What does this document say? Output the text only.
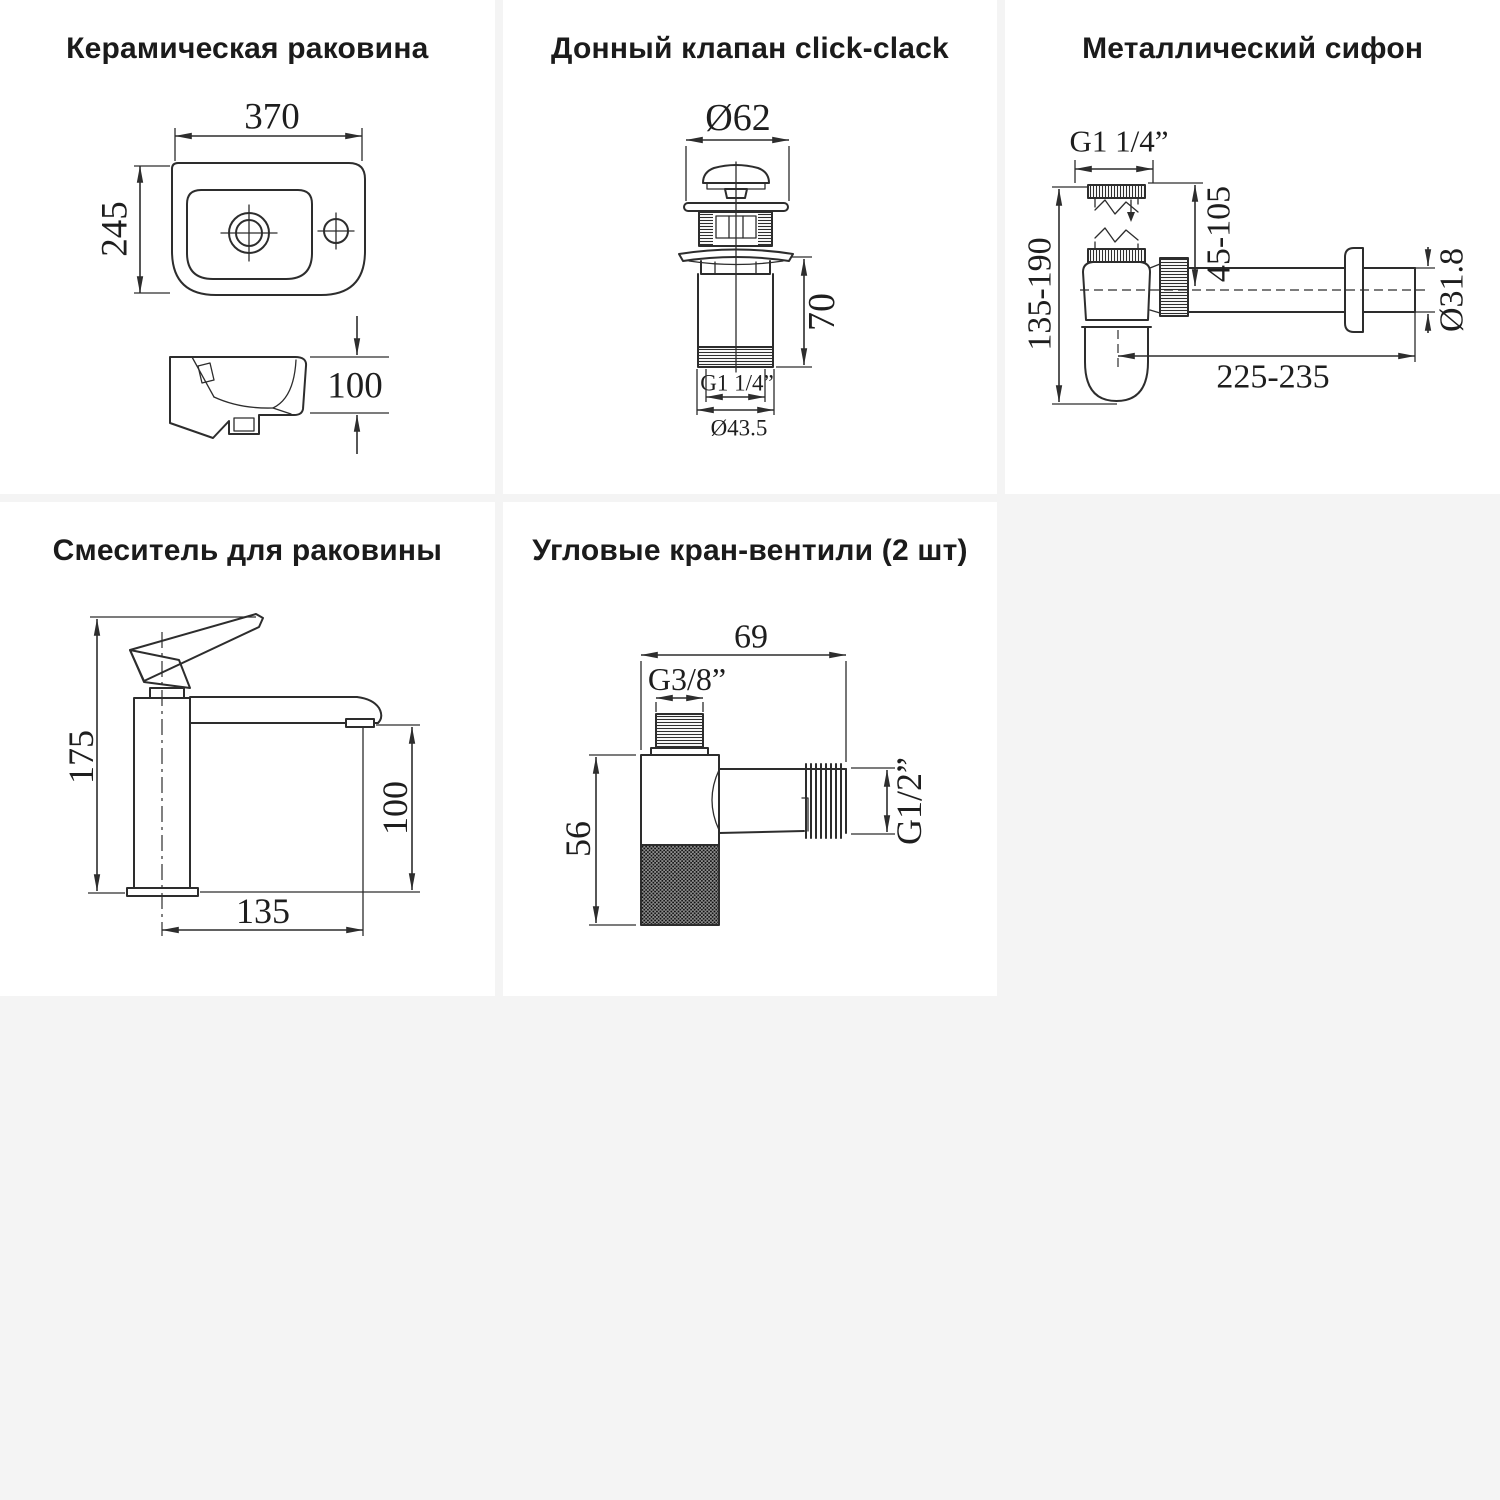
Керамическая раковина
370
245
100
Донный клапан click-clack
Ø62
70
G1 1/4”
Ø43.5
Металлический сифон
G1 1/4”
45-105
135-190	Ø31.8
225-235
Смеситель для раковины
175
100
135
Угловые кран-вентили (2 шт)
69
G3/8”
56	G1/2”
